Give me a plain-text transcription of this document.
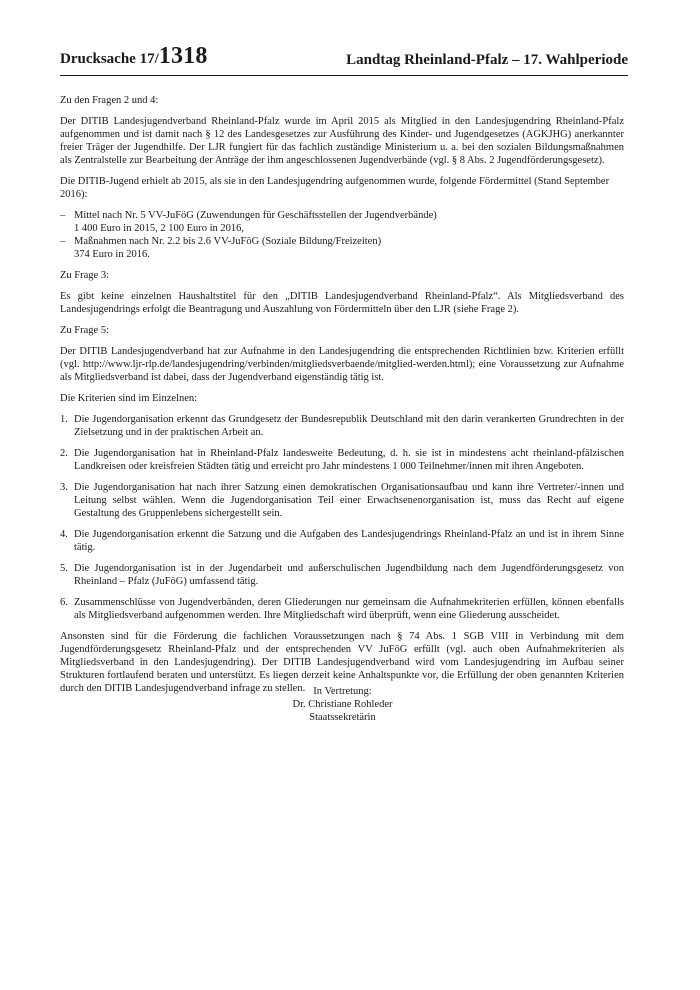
Drucksache 17/1318	Landtag Rheinland-Pfalz – 17. Wahlperiode

Zu den Fragen 2 und 4:

Der DITIB Landesjugendverband Rheinland-Pfalz wurde im April 2015 als Mitglied in den Landesjugendring Rheinland-Pfalz aufgenommen und ist damit nach § 12 des Landesgesetzes zur Ausführung des Kinder- und Jugendgesetzes (AGKJHG) anerkannter freier Träger der Jugendhilfe. Der LJR fungiert für das fachlich zuständige Ministerium u. a. bei den sozialen Bildungsmaßnahmen als Zentralstelle zur Bearbeitung der Anträge der ihm angeschlossenen Jugendverbände (vgl. § 8 Abs. 2 Jugendförderungsgesetz).

Die DITIB-Jugend erhielt ab 2015, als sie in den Landesjugendring aufgenommen wurde, folgende Fördermittel (Stand September 2016):

– Mittel nach Nr. 5 VV-JuFöG (Zuwendungen für Geschäftsstellen der Jugendverbände)
1 400 Euro in 2015, 2 100 Euro in 2016,
– Maßnahmen nach Nr. 2.2 bis 2.6 VV-JuFöG (Soziale Bildung/Freizeiten)
374 Euro in 2016.

Zu Frage 3:

Es gibt keine einzelnen Haushaltstitel für den „DITIB Landesjugendverband Rheinland-Pfalz“. Als Mitgliedsverband des Landesjugendrings erfolgt die Beantragung und Auszahlung von Fördermitteln über den LJR (siehe Frage 2).

Zu Frage 5:

Der DITIB Landesjugendverband hat zur Aufnahme in den Landesjugendring die entsprechenden Richtlinien bzw. Kriterien erfüllt (vgl. http://www.ljr-rlp.de/landesjugendring/verbinden/mitgliedsverbaende/mitglied-werden.html); eine Voraussetzung zur Aufnahme als Mitgliedsverband ist dabei, dass der Jugendverband eigenständig tätig ist.

Die Kriterien sind im Einzelnen:

1. Die Jugendorganisation erkennt das Grundgesetz der Bundesrepublik Deutschland mit den darin verankerten Grundrechten in der Zielsetzung und in der praktischen Arbeit an.
2. Die Jugendorganisation hat in Rheinland-Pfalz landesweite Bedeutung, d. h. sie ist in mindestens acht rheinland-pfälzischen Landkreisen oder kreisfreien Städten tätig und erreicht pro Jahr mindestens 1 000 Teilnehmer/innen mit ihren Angeboten.
3. Die Jugendorganisation hat nach ihrer Satzung einen demokratischen Organisationsaufbau und kann ihre Vertreter/-innen und Leitung selbst wählen. Wenn die Jugendorganisation Teil einer Erwachsenenorganisation ist, muss das Recht auf eigene Gestaltung des Gruppenlebens sichergestellt sein.
4. Die Jugendorganisation erkennt die Satzung und die Aufgaben des Landesjugendrings Rheinland-Pfalz an und ist in ihrem Sinne tätig.
5. Die Jugendorganisation ist in der Jugendarbeit und außerschulischen Jugendbildung nach dem Jugendförderungsgesetz von Rheinland – Pfalz (JuFöG) umfassend tätig.
6. Zusammenschlüsse von Jugendverbänden, deren Gliederungen nur gemeinsam die Aufnahmekriterien erfüllen, können ebenfalls als Mitgliedsverband aufgenommen werden. Ihre Mitgliedschaft wird überprüft, wenn eine Gliederung ausscheidet.

Ansonsten sind für die Förderung die fachlichen Voraussetzungen nach § 74 Abs. 1 SGB VIII in Verbindung mit dem Jugendförderungsgesetz Rheinland-Pfalz und der entsprechenden VV JuFöG erfüllt (vgl. auch oben Aufnahmekriterien als Mitgliedsverband in den Landesjugendring). Der DITIB Landesjugendverband wird vom Landesjugendring im Aufbau seiner Strukturen fortlaufend beraten und unterstützt. Es liegen derzeit keine Anhaltspunkte vor, die Erfüllung der oben genannten Kriterien durch den DITIB Landesjugendverband infrage zu stellen. In Vertretung:
Dr. Christiane Rohleder
Staatssekretärin
